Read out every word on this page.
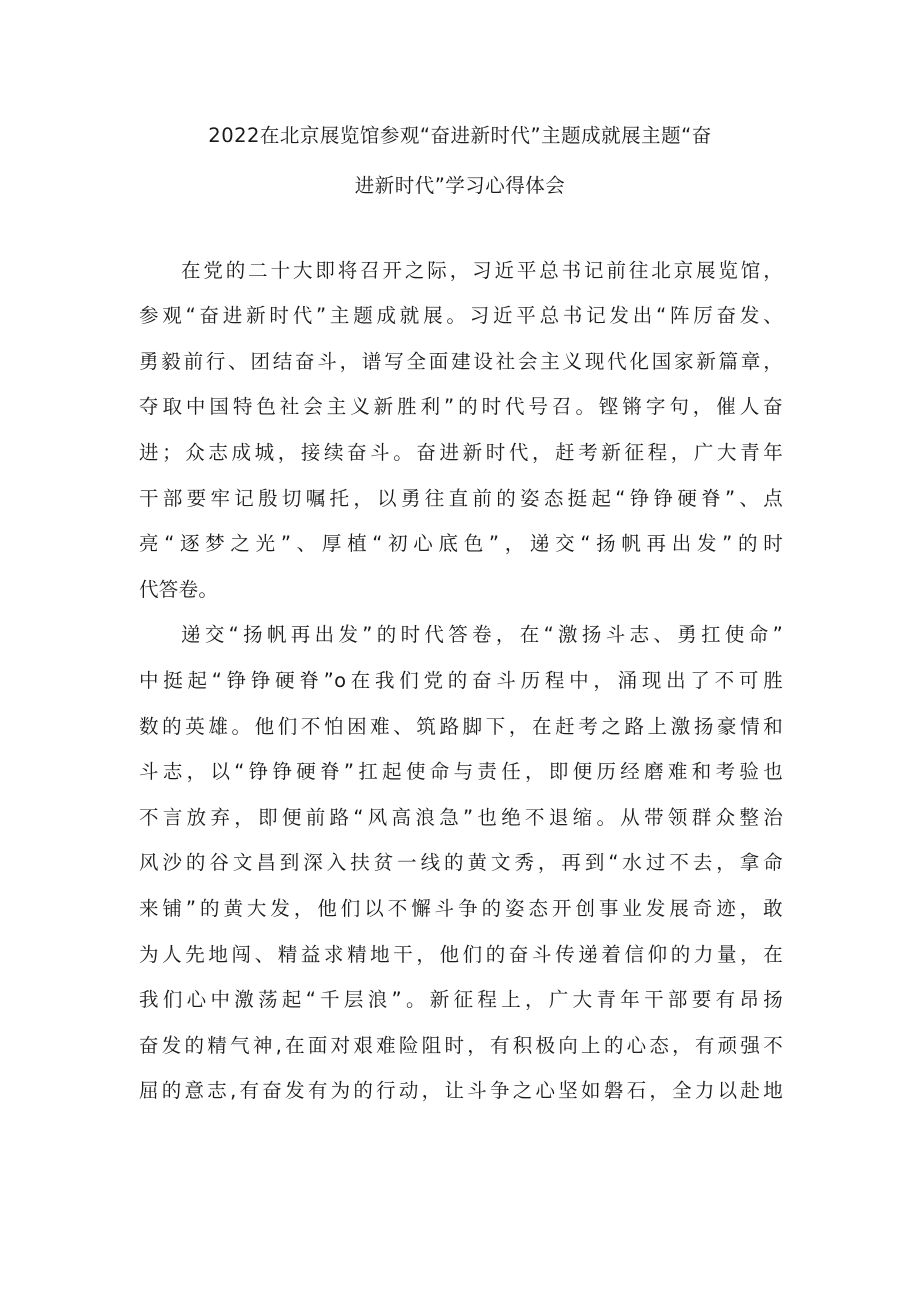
2022在北京展览馆参观“奋进新时代”主题成就展主题“奋
进新时代”学习心得体会
在党的二十大即将召开之际，习近平总书记前往北京展览馆，
参观“奋进新时代”主题成就展。习近平总书记发出“阵厉奋发、
勇毅前行、团结奋斗，谱写全面建设社会主义现代化国家新篇章，
夺取中国特色社会主义新胜利”的时代号召。铿锵字句，催人奋
进；众志成城，接续奋斗。奋进新时代，赶考新征程，广大青年
干部要牢记殷切嘱托，以勇往直前的姿态挺起“铮铮硬脊”、点
亮“逐梦之光”、厚植“初心底色”，递交“扬帆再出发”的时
代答卷。
递交“扬帆再出发”的时代答卷，在“激扬斗志、勇扛使命”
中挺起“铮铮硬脊”o在我们党的奋斗历程中，涌现出了不可胜
数的英雄。他们不怕困难、筑路脚下，在赶考之路上激扬豪情和
斗志，以“铮铮硬脊”扛起使命与责任，即便历经磨难和考验也
不言放弃，即便前路“风高浪急”也绝不退缩。从带领群众整治
风沙的谷文昌到深入扶贫一线的黄文秀，再到“水过不去，拿命
来铺”的黄大发，他们以不懈斗争的姿态开创事业发展奇迹，敢
为人先地闯、精益求精地干，他们的奋斗传递着信仰的力量，在
我们心中激荡起“千层浪”。新征程上，广大青年干部要有昂扬
奋发的精气神,在面对艰难险阻时，有积极向上的心态，有顽强不
屈的意志,有奋发有为的行动，让斗争之心坚如磐石，全力以赴地
